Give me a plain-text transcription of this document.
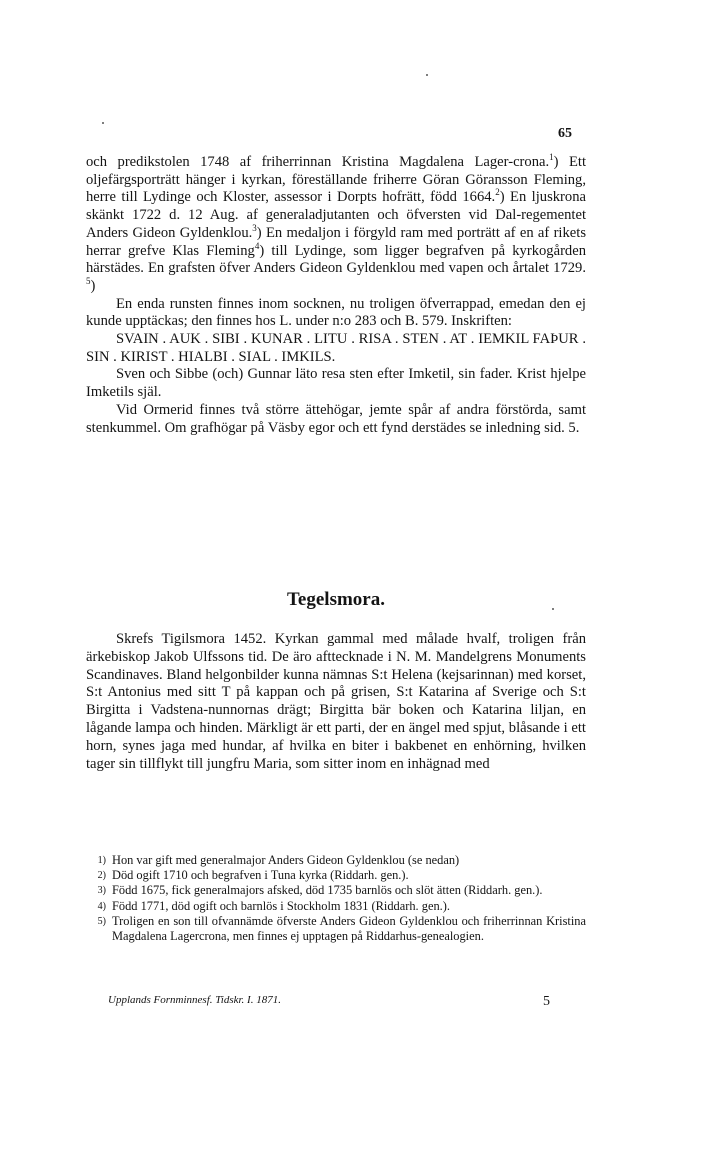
65

och predikstolen 1748 af friherrinnan Kristina Magdalena Lager-crona.$^1$) Ett oljefärgsporträtt hänger i kyrkan, föreställande friherre Göran Göransson Fleming, herre till Lydinge och Kloster, assessor i Dorpts hofrätt, född 1664.$^2$) En ljuskrona skänkt 1722 d. 12 Aug. af generaladjutanten och öfversten vid Dal-regementet Anders Gideon Gyldenklou.$^3$) En medaljon i förgyld ram med porträtt af en af rikets herrar grefve Klas Fleming$^4$) till Lydinge, som ligger begrafven på kyrkogården härstädes. En grafsten öfver Anders Gideon Gyldenklou med vapen och årtalet 1729. $^5$)

En enda runsten finnes inom socknen, nu troligen öfverrappad, emedan den ej kunde upptäckas; den finnes hos L. under n:o 283 och B. 579. Inskriften:

SVAIN . AUK . SIBI . KUNAR . LITU . RISA . STEN . AT . IEMKIL FAÞUR . SIN . KIRIST . HIALBI . SIAL . IMKILS.

Sven och Sibbe (och) Gunnar läto resa sten efter Imketil, sin fader. Krist hjelpe Imketils själ.

Vid Ormerid finnes två större ättehögar, jemte spår af andra förstörda, samt stenkummel. Om grafhögar på Väsby egor och ett fynd derstädes se inledning sid. 5.

Tegelsmora.

Skrefs Tigilsmora 1452. Kyrkan gammal med målade hvalf, troligen från ärkebiskop Jakob Ulfssons tid. De äro afttecknade i N. M. Mandelgrens Monuments Scandinaves. Bland helgonbilder kunna nämnas S:t Helena (kejsarinnan) med korset, S:t Antonius med sitt T på kappan och på grisen, S:t Katarina af Sverige och S:t Birgitta i Vadstena-nunnornas drägt; Birgitta bär boken och Katarina liljan, en lågande lampa och hinden. Märkligt är ett parti, der en ängel med spjut, blåsande i ett horn, synes jaga med hundar, af hvilka en biter i bakbenet en enhörning, hvilken tager sin tillflykt till jungfru Maria, som sitter inom en inhägnad med

1) Hon var gift med generalmajor Anders Gideon Gyldenklou (se nedan)
2) Död ogift 1710 och begrafven i Tuna kyrka (Riddarh. gen.).
3) Född 1675, fick generalmajors afsked, död 1735 barnlös och slöt ätten (Riddarh. gen.).
4) Född 1771, död ogift och barnlös i Stockholm 1831 (Riddarh. gen.).
5) Troligen en son till ofvannämde öfverste Anders Gideon Gyldenklou och friherrinnan Kristina Magdalena Lagercrona, men finnes ej upptagen på Riddarhus-genealogien.
Upplands Fornminnesf. Tidskr. I. 1871.	5
